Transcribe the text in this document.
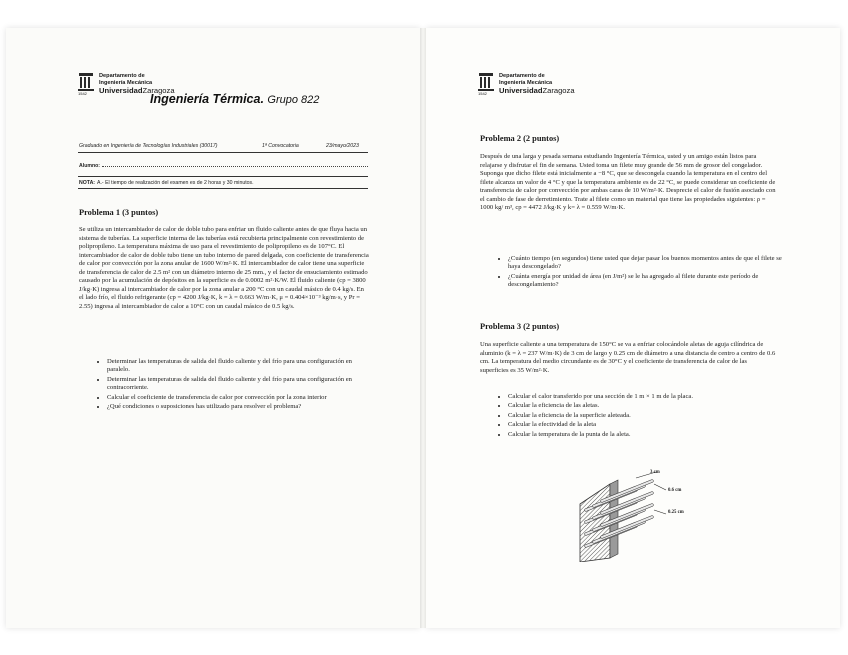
1542
Departamento de
Ingeniería Mecánica
UniversidadZaragoza
Ingeniería Térmica. Grupo 822
Graduado en Ingeniería de Tecnologías Industriales (30017)	1ª Convocatoria	23/mayo/2023
Alumno:
NOTA: A.- El tiempo de realización del examen es de 2 horas y 30 minutos.
Problema 1 (3 puntos)
Se utiliza un intercambiador de calor de doble tubo para enfriar un fluido caliente antes de que fluya hacia un sistema de tuberías. La superficie interna de las tuberías está recubierta principalmente con revestimiento de polipropileno. La temperatura máxima de uso para el revestimiento de polipropileno es de 107°C. El intercambiador de calor de doble tubo tiene un tubo interno de pared delgada, con coeficiente de transferencia de calor por convección por la zona anular de 1600 W/m²·K. El intercambiador de calor tiene una superficie de transferencia de calor de 2.5 m² con un diámetro interno de 25 mm., y el factor de ensuciamiento estimado causado por la acumulación de depósitos en la superficie es de 0.0002 m²·K/W. El fluido caliente (cp = 3800 J/kg·K) ingresa al intercambiador de calor por la zona anular a 200 °C con un caudal másico de 0.4 kg/s. En el lado frío, el fluido refrigerante (cp = 4200 J/kg·K, k = λ = 0.663 W/m·K, μ = 0.404×10⁻³ kg/m·s, y Pr = 2.55) ingresa al intercambiador de calor a 10°C con un caudal másico de 0.5 kg/s.
• Determinar las temperaturas de salida del fluido caliente y del frío para una configuración en paralelo.
• Determinar las temperaturas de salida del fluido caliente y del frío para una configuración en contracorriente.
• Calcular el coeficiente de transferencia de calor por convección por la zona interior
• ¿Qué condiciones o suposiciones has utilizado para resolver el problema?
1542
Departamento de
Ingeniería Mecánica
UniversidadZaragoza
Problema 2 (2 puntos)
Después de una larga y pesada semana estudiando Ingeniería Térmica, usted y un amigo están listos para relajarse y disfrutar el fin de semana. Usted toma un filete muy grande de 56 mm de grosor del congelador. Suponga que dicho filete está inicialmente a −8 °C, que se descongela cuando la temperatura en el centro del filete alcanza un valor de 4 °C y que la temperatura ambiente es de 22 °C, se puede considerar un coeficiente de transferencia de calor por convección por ambas caras de 10 W/m²·K. Desprecie el calor de fusión asociado con el cambio de fase de derretimiento. Trate al filete como un material que tiene las propiedades siguientes: ρ = 1000 kg/ m³, cp = 4472 J/kg·K y k= λ = 0.559 W/m·K.
• ¿Cuánto tiempo (en segundos) tiene usted que dejar pasar los buenos momentos antes de que el filete se haya descongelado?
• ¿Cuánta energía por unidad de área (en J/m²) se le ha agregado al filete durante este período de descongelamiento?
Problema 3 (2 puntos)
Una superficie caliente a una temperatura de 150°C se va a enfriar colocándole aletas de aguja cilíndrica de aluminio (k = λ = 237 W/m·K) de 3 cm de largo y 0.25 cm de diámetro a una distancia de centro a centro de 0.6 cm. La temperatura del medio circundante es de 30°C y el coeficiente de transferencia de calor de las superficies es 35 W/m²·K.
• Calcular el calor transferido por una sección de 1 m × 1 m de la placa.
• Calcular la eficiencia de las aletas.
• Calcular la eficiencia de la superficie aleteada.
• Calcular la efectividad de la aleta
• Calcular la temperatura de la punta de la aleta.
3 cm
0.6 cm
0.25 cm
